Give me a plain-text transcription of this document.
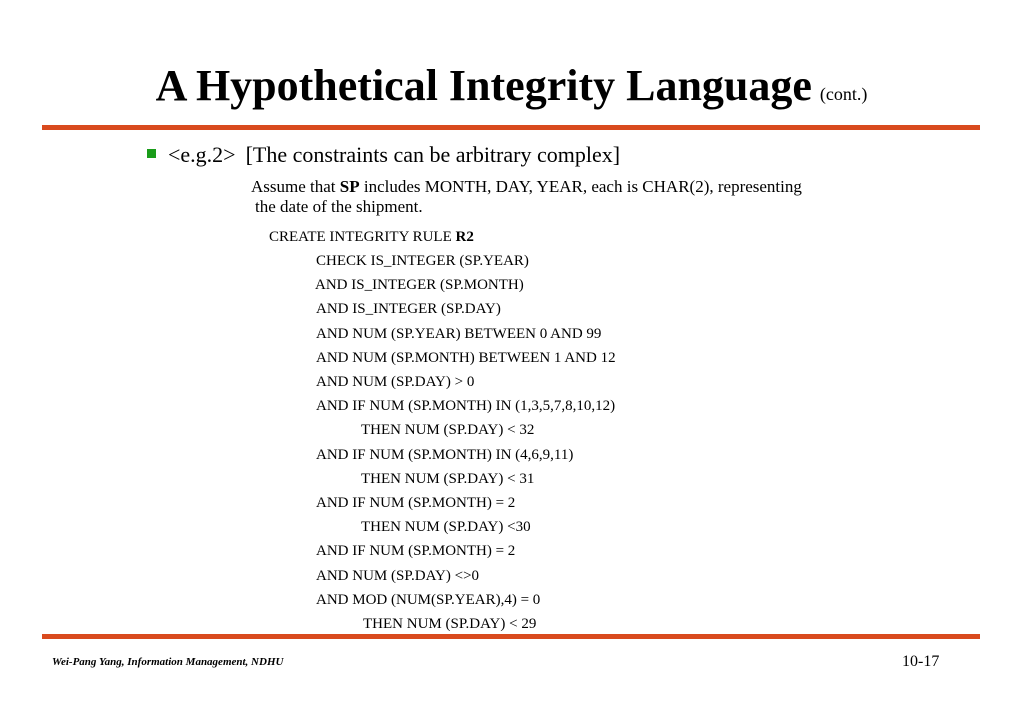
A Hypothetical Integrity Language (cont.)
<e.g.2> [The constraints can be arbitrary complex]
Assume that SP includes MONTH, DAY, YEAR, each is CHAR(2), representing
the date of the shipment.
CREATE INTEGRITY RULE R2
CHECK IS_INTEGER (SP.YEAR)
AND IS_INTEGER (SP.MONTH)
AND IS_INTEGER (SP.DAY)
AND NUM (SP.YEAR) BETWEEN 0 AND 99
AND NUM (SP.MONTH) BETWEEN 1 AND 12
AND NUM (SP.DAY) > 0
AND IF NUM (SP.MONTH) IN (1,3,5,7,8,10,12)
THEN NUM (SP.DAY) < 32
AND IF NUM (SP.MONTH) IN (4,6,9,11)
THEN NUM (SP.DAY) < 31
AND IF NUM (SP.MONTH) = 2
THEN NUM (SP.DAY) <30
AND IF NUM (SP.MONTH) = 2
AND NUM (SP.DAY) <>0
AND MOD (NUM(SP.YEAR),4) = 0
THEN NUM (SP.DAY) < 29
Wei-Pang Yang, Information Management, NDHU	10-17
